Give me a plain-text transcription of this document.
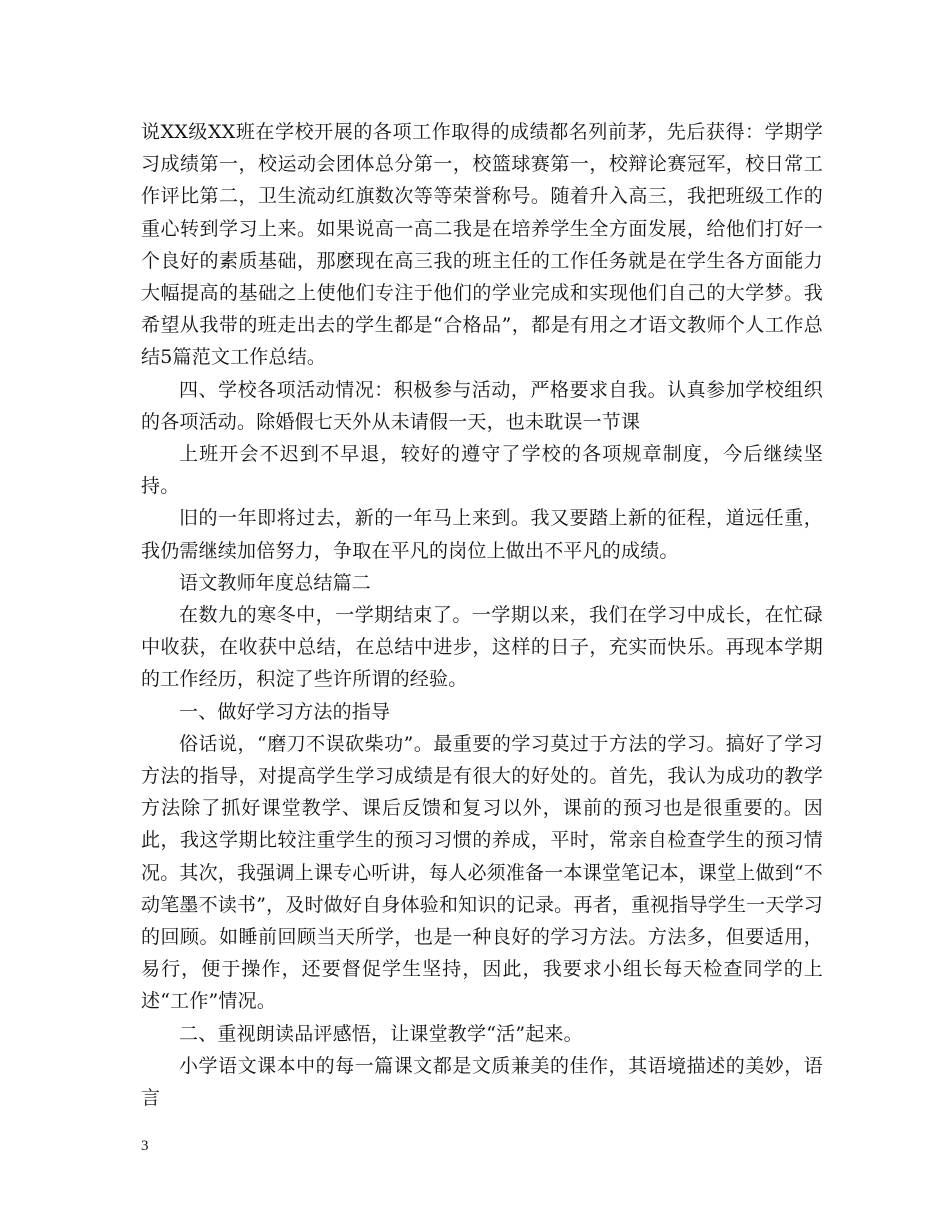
说XX级XX班在学校开展的各项工作取得的成绩都名列前茅，先后获得：学期学习成绩第一，校运动会团体总分第一，校篮球赛第一，校辩论赛冠军，校日常工作评比第二，卫生流动红旗数次等等荣誉称号。随着升入高三，我把班级工作的重心转到学习上来。如果说高一高二我是在培养学生全方面发展，给他们打好一个良好的素质基础，那麽现在高三我的班主任的工作任务就是在学生各方面能力大幅提高的基础之上使他们专注于他们的学业完成和实现他们自己的大学梦。我希望从我带的班走出去的学生都是“合格品”，都是有用之才语文教师个人工作总结5篇范文工作总结。

四、学校各项活动情况：积极参与活动，严格要求自我。认真参加学校组织的各项活动。除婚假七天外从未请假一天，也未耽误一节课

上班开会不迟到不早退，较好的遵守了学校的各项规章制度，今后继续坚持。

旧的一年即将过去，新的一年马上来到。我又要踏上新的征程，道远任重，我仍需继续加倍努力，争取在平凡的岗位上做出不平凡的成绩。

语文教师年度总结篇二

在数九的寒冬中，一学期结束了。一学期以来，我们在学习中成长，在忙碌中收获，在收获中总结，在总结中进步，这样的日子，充实而快乐。再现本学期的工作经历，积淀了些许所谓的经验。

一、做好学习方法的指导

俗话说，“磨刀不误砍柴功”。最重要的学习莫过于方法的学习。搞好了学习方法的指导，对提高学生学习成绩是有很大的好处的。首先，我认为成功的教学方法除了抓好课堂教学、课后反馈和复习以外，课前的预习也是很重要的。因此，我这学期比较注重学生的预习习惯的养成，平时，常亲自检查学生的预习情况。其次，我强调上课专心听讲，每人必须准备一本课堂笔记本，课堂上做到“不动笔墨不读书”，及时做好自身体验和知识的记录。再者，重视指导学生一天学习的回顾。如睡前回顾当天所学，也是一种良好的学习方法。方法多，但要适用，易行，便于操作，还要督促学生坚持，因此，我要求小组长每天检查同学的上述“工作”情况。

二、重视朗读品评感悟，让课堂教学“活”起来。

小学语文课本中的每一篇课文都是文质兼美的佳作，其语境描述的美妙，语言

3
